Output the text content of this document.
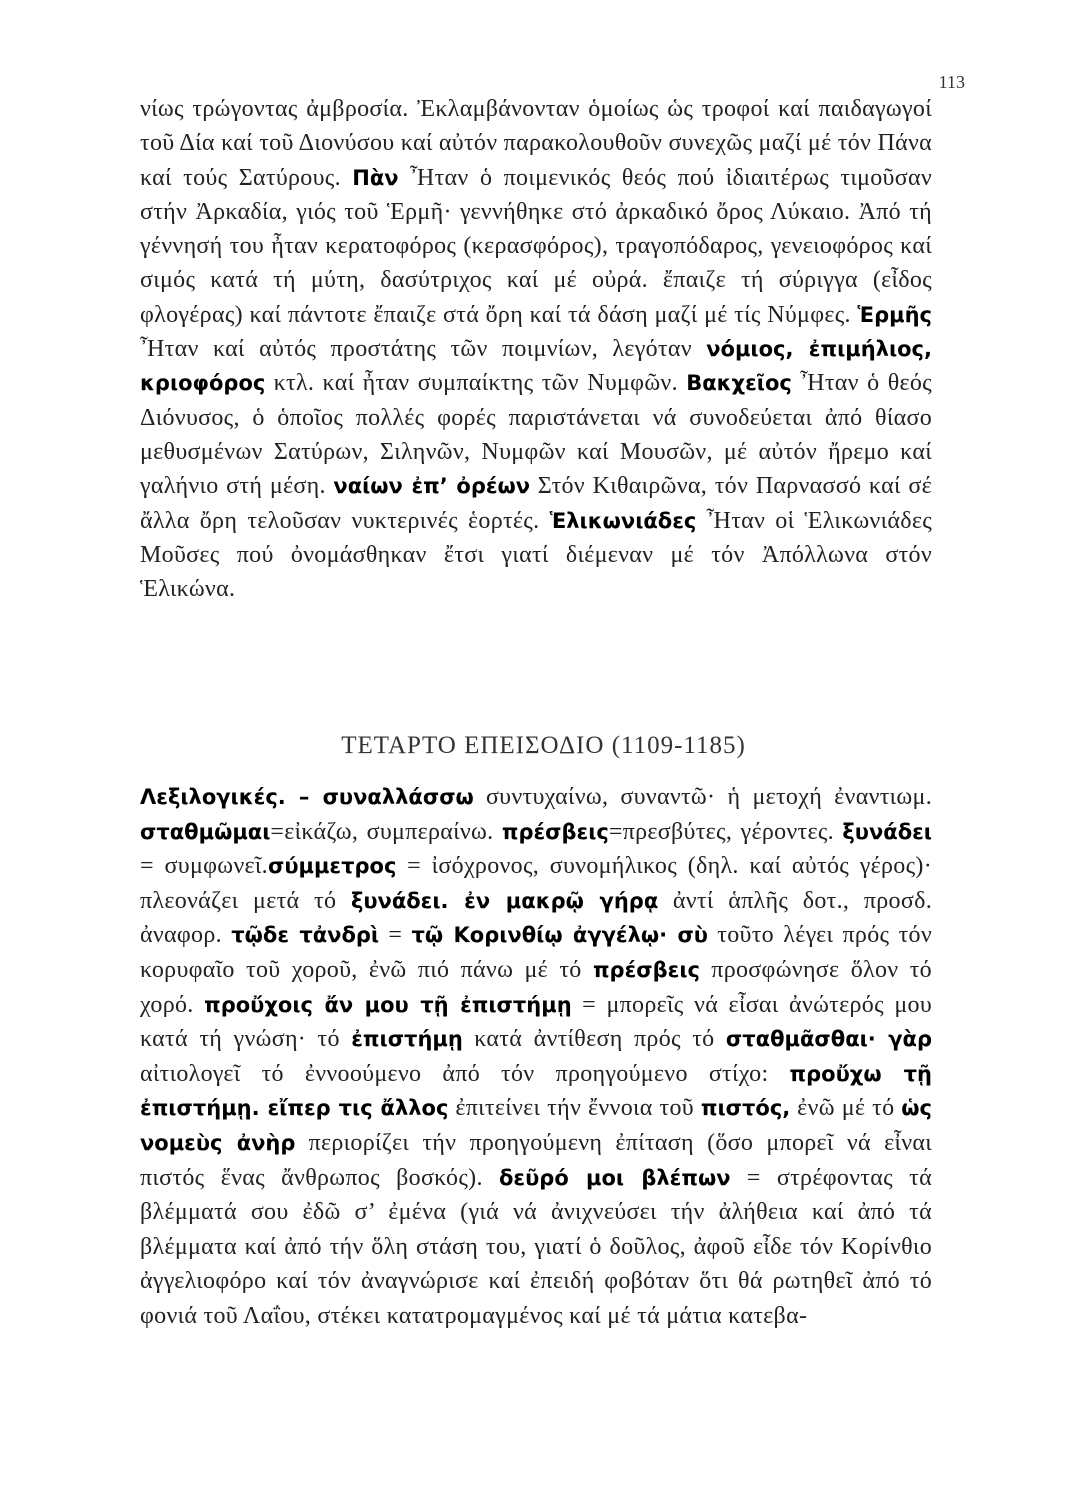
113

νίως τρώγοντας ἀμβροσία. Ἐκλαμβάνονταν ὁμοίως ὡς τροφοί καί παιδαγωγοί τοῦ Δία καί τοῦ Διονύσου καί αὐτόν παρακολουθοῦν συνεχῶς μαζί μέ τόν Πάνα καί τούς Σατύρους. Πὰν Ἦταν ὁ ποιμενικός θεός πού ἰδιαιτέρως τιμοῦσαν στήν Ἀρκαδία, γιός τοῦ Ἑρμῆ· γεννήθηκε στό ἀρκαδικό ὄρος Λύκαιο. Ἀπό τή γέννησή του ἦταν κερατοφόρος (κερασφόρος), τραγοπόδαρος, γενειοφόρος καί σιμός κατά τή μύτη, δασύτριχος καί μέ οὐρά. ἔπαιζε τή σύριγγα (εἶδος φλογέρας) καί πάντοτε ἔπαιζε στά ὄρη καί τά δάση μαζί μέ τίς Νύμφες. Ἑρμῆς Ἦταν καί αὐτός προστάτης τῶν ποιμνίων, λεγόταν νόμιος, ἐπιμήλιος, κριοφόρος κτλ. καί ἦταν συμπαίκτης τῶν Νυμφῶν. Βακχεῖος Ἦταν ὁ θεός Διόνυσος, ὁ ὁποῖος πολλές φορές παριστάνεται νά συνοδεύεται ἀπό θίασο μεθυσμένων Σατύρων, Σιληνῶν, Νυμφῶν καί Μουσῶν, μέ αὐτόν ἤρεμο καί γαλήνιο στή μέση. ναίων ἐπ’ ὀρέων Στόν Κιθαιρῶνα, τόν Παρνασσό καί σέ ἄλλα ὄρη τελοῦσαν νυκτερινές ἑορτές. Ἑλικωνιάδες Ἦταν οἱ Ἑλικωνιάδες Μοῦσες πού ὀνομάσθηκαν ἔτσι γιατί διέμεναν μέ τόν Ἀπόλλωνα στόν Ἑλικώνα.

ΤΕΤΑΡΤΟ ΕΠΕΙΣΟΔΙΟ (1109-1185)

Λεξιλογικές. – συναλλάσσω συντυχαίνω, συναντῶ· ἡ μετοχή ἐναντιωμ. σταθμῶμαι=εἰκάζω, συμπεραίνω. πρέσβεις=πρεσβύτες, γέροντες. ξυνάδει = συμφωνεῖ.σύμμετρος = ἰσόχρονος, συνομήλικος (δηλ. καί αὐτός γέρος)· πλεονάζει μετά τό ξυνάδει. ἐν μακρῷ γήρᾳ ἀντί ἁπλῆς δοτ., προσδ. ἀναφορ. τῷδε τἀνδρὶ = τῷ Κορινθίῳ ἀγγέλῳ· σὺ τοῦτο λέγει πρός τόν κορυφαῖο τοῦ χοροῦ, ἐνῶ πιό πάνω μέ τό πρέσβεις προσφώνησε ὅλον τό χορό. προὔχοις ἄν μου τῇ ἐπιστήμῃ = μπορεῖς νά εἶσαι ἀνώτερός μου κατά τή γνώση· τό ἐπιστήμῃ κατά ἀντίθεση πρός τό σταθμᾶσθαι· γὰρ αἰτιολογεῖ τό ἐννοούμενο ἀπό τόν προηγούμενο στίχο: προὔχω τῇ ἐπιστήμῃ. εἴπερ τις ἄλλος ἐπιτείνει τήν ἔννοια τοῦ πιστός, ἐνῶ μέ τό ὡς νομεὺς ἀνὴρ περιορίζει τήν προηγούμενη ἐπίταση (ὅσο μπορεῖ νά εἶναι πιστός ἕνας ἄνθρωπος βοσκός). δεῦρό μοι βλέπων = στρέφοντας τά βλέμματά σου ἐδῶ σ’ ἐμένα (γιά νά ἀνιχνεύσει τήν ἀλήθεια καί ἀπό τά βλέμματα καί ἀπό τήν ὅλη στάση του, γιατί ὁ δοῦλος, ἀφοῦ εἶδε τόν Κορίνθιο ἀγγελιοφόρο καί τόν ἀναγνώρισε καί ἐπειδή φοβόταν ὅτι θά ρωτηθεῖ ἀπό τό φονιά τοῦ Λαΐου, στέκει κατατρομαγμένος καί μέ τά μάτια κατεβα-
